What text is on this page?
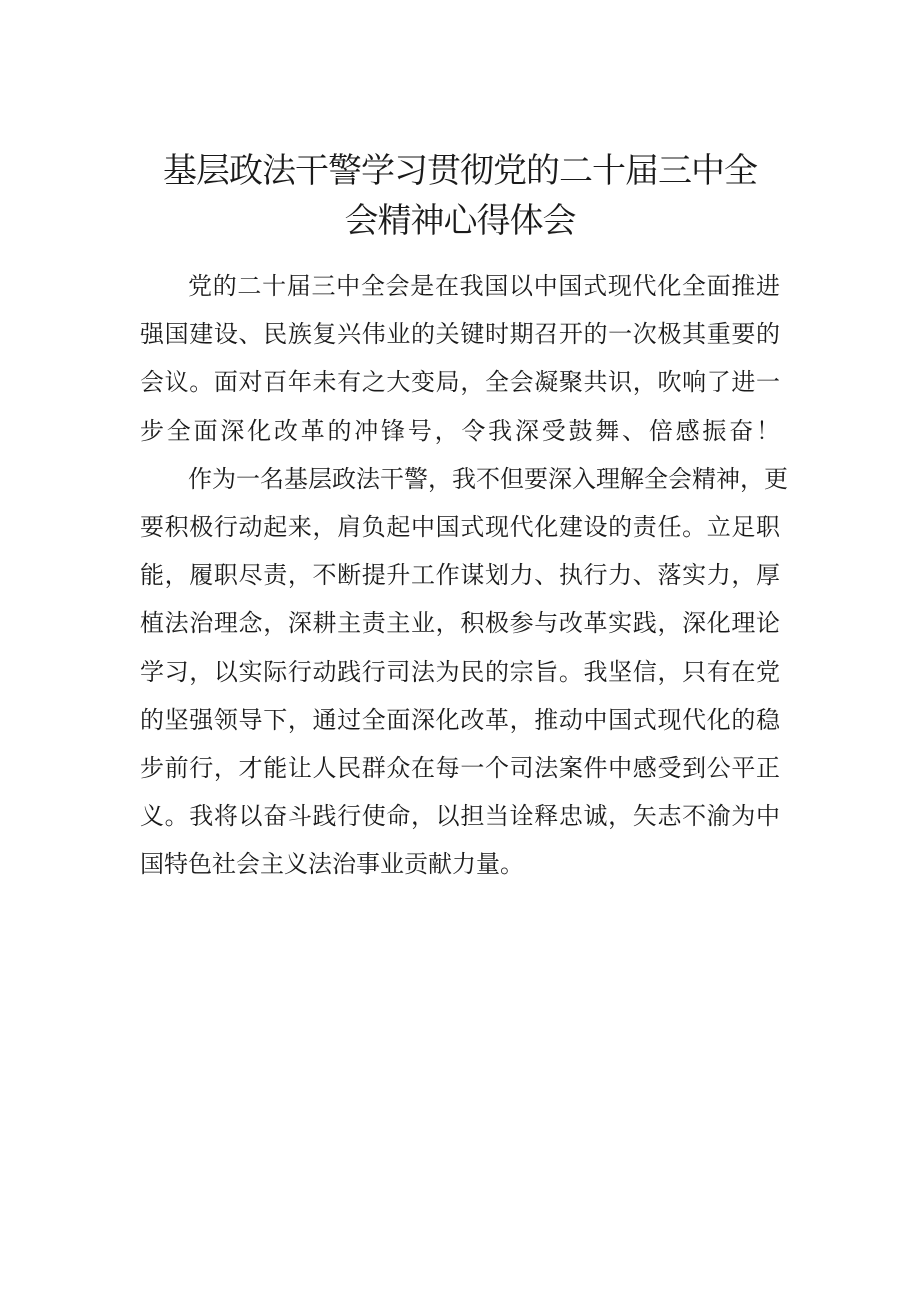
基层政法干警学习贯彻党的二十届三中全
会精神心得体会
党的二十届三中全会是在我国以中国式现代化全面推进
强国建设、民族复兴伟业的关键时期召开的一次极其重要的
会议。面对百年未有之大变局，全会凝聚共识，吹响了进一
步全面深化改革的冲锋号，令我深受鼓舞、倍感振奋！
作为一名基层政法干警，我不但要深入理解全会精神，更
要积极行动起来，肩负起中国式现代化建设的责任。立足职
能，履职尽责，不断提升工作谋划力、执行力、落实力，厚
植法治理念，深耕主责主业，积极参与改革实践，深化理论
学习，以实际行动践行司法为民的宗旨。我坚信，只有在党
的坚强领导下，通过全面深化改革，推动中国式现代化的稳
步前行，才能让人民群众在每一个司法案件中感受到公平正
义。我将以奋斗践行使命，以担当诠释忠诚，矢志不渝为中
国特色社会主义法治事业贡献力量。
